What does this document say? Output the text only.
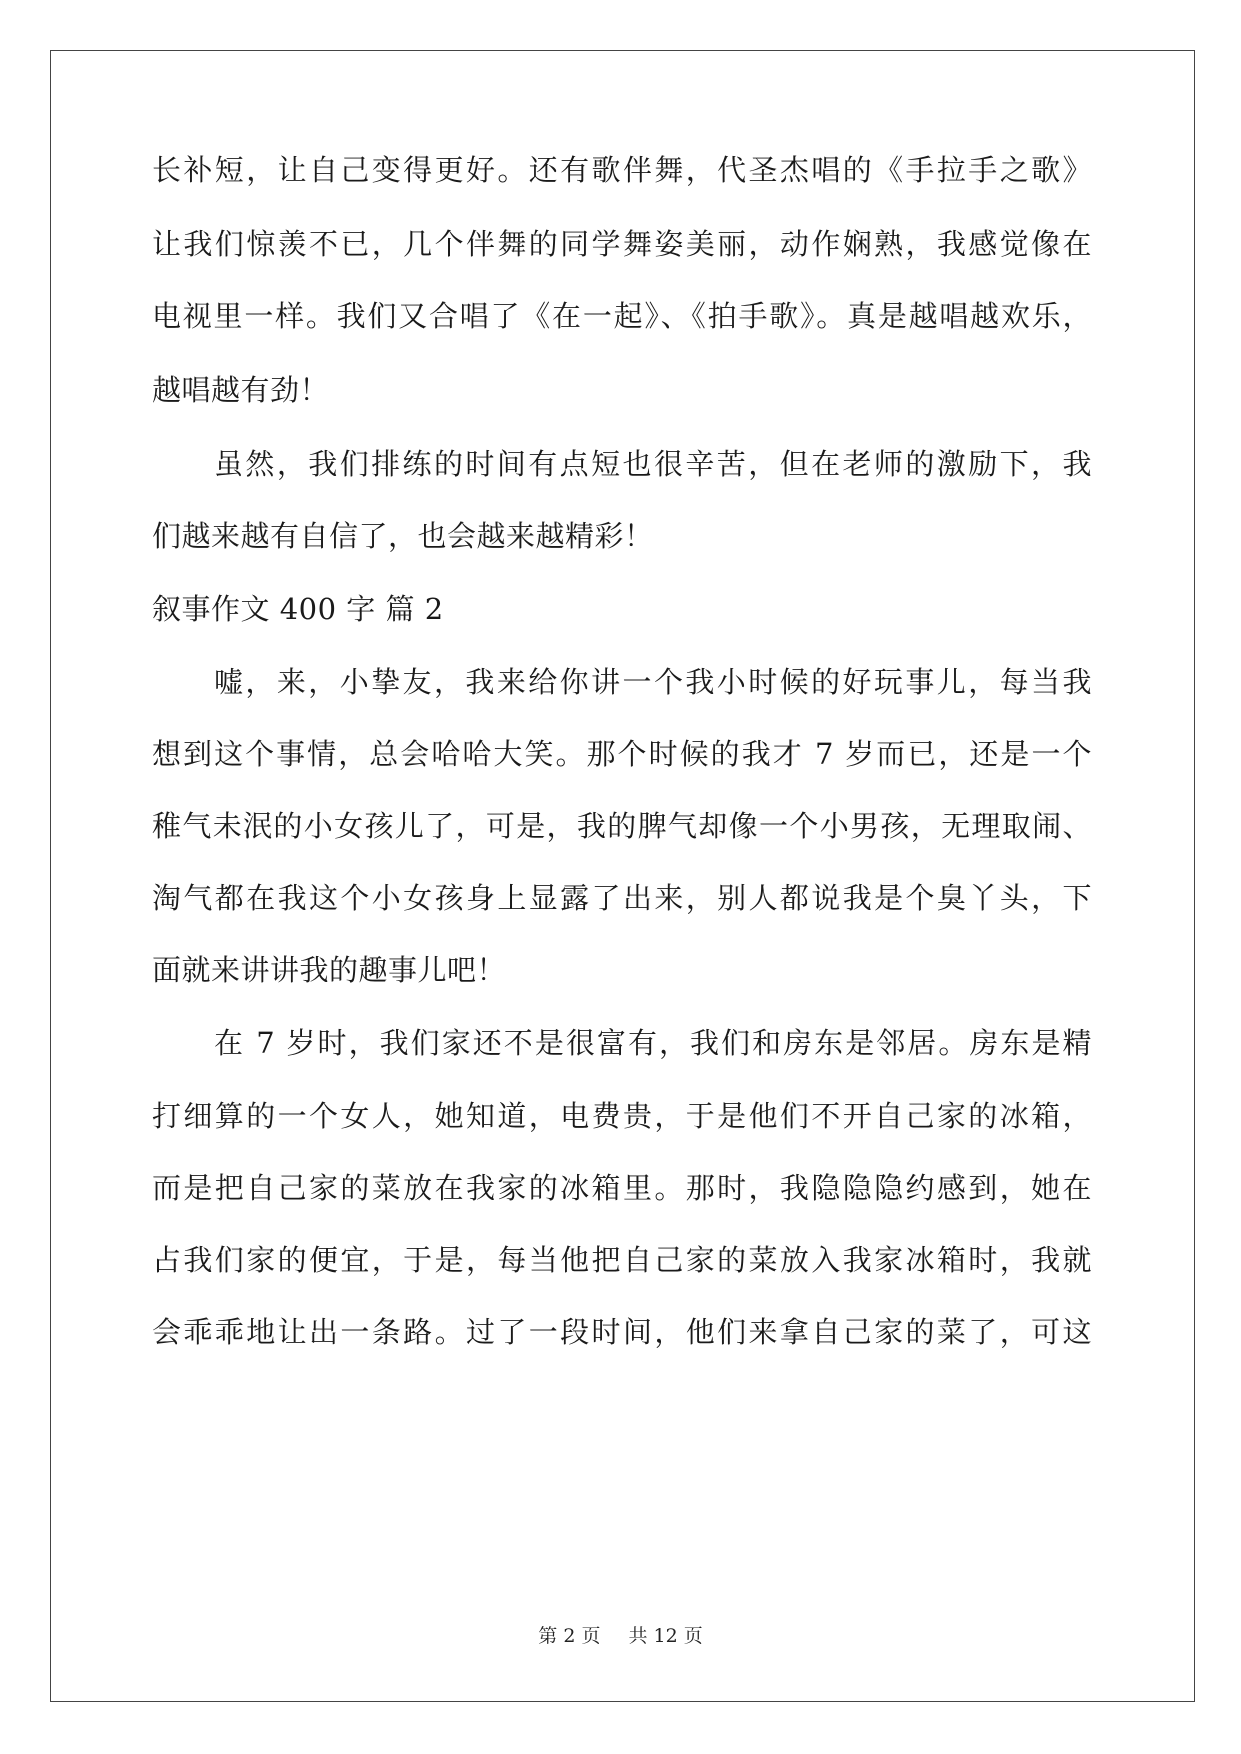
长补短，让自己变得更好。还有歌伴舞，代圣杰唱的《手拉手之歌》
让我们惊羡不已，几个伴舞的同学舞姿美丽，动作娴熟，我感觉像在
电视里一样。我们又合唱了《在一起》、《拍手歌》。真是越唱越欢乐，
越唱越有劲！
虽然，我们排练的时间有点短也很辛苦，但在老师的激励下，我
们越来越有自信了，也会越来越精彩！
叙事作文 400 字 篇 2
嘘，来，小挚友，我来给你讲一个我小时候的好玩事儿，每当我
想到这个事情，总会哈哈大笑。那个时候的我才 7 岁而已，还是一个
稚气未泯的小女孩儿了，可是，我的脾气却像一个小男孩，无理取闹、
淘气都在我这个小女孩身上显露了出来，别人都说我是个臭丫头，下
面就来讲讲我的趣事儿吧！
在 7 岁时，我们家还不是很富有，我们和房东是邻居。房东是精
打细算的一个女人，她知道，电费贵，于是他们不开自己家的冰箱，
而是把自己家的菜放在我家的冰箱里。那时，我隐隐隐约感到，她在
占我们家的便宜，于是，每当他把自己家的菜放入我家冰箱时，我就
会乖乖地让出一条路。过了一段时间，他们来拿自己家的菜了，可这
第 2 页 共 12 页
